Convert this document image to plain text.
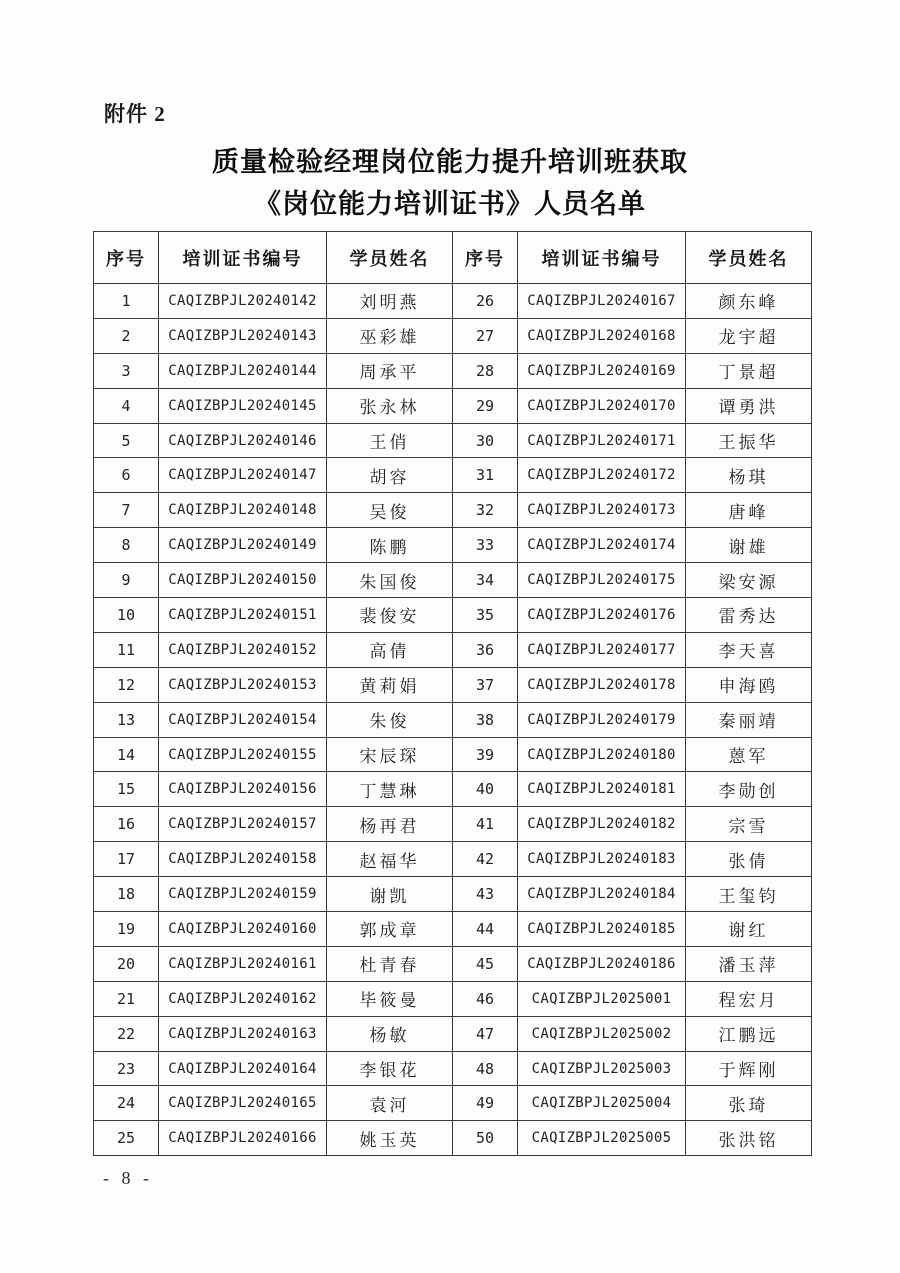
附件 2
质量检验经理岗位能力提升培训班获取
《岗位能力培训证书》人员名单
序号	培训证书编号	学员姓名	序号	培训证书编号	学员姓名
1	CAQIZBPJL20240142	刘明燕	26	CAQIZBPJL20240167	颜东峰
2	CAQIZBPJL20240143	巫彩雄	27	CAQIZBPJL20240168	龙宇超
3	CAQIZBPJL20240144	周承平	28	CAQIZBPJL20240169	丁景超
4	CAQIZBPJL20240145	张永林	29	CAQIZBPJL20240170	谭勇洪
5	CAQIZBPJL20240146	王俏	30	CAQIZBPJL20240171	王振华
6	CAQIZBPJL20240147	胡容	31	CAQIZBPJL20240172	杨琪
7	CAQIZBPJL20240148	吴俊	32	CAQIZBPJL20240173	唐峰
8	CAQIZBPJL20240149	陈鹏	33	CAQIZBPJL20240174	谢雄
9	CAQIZBPJL20240150	朱国俊	34	CAQIZBPJL20240175	梁安源
10	CAQIZBPJL20240151	裴俊安	35	CAQIZBPJL20240176	雷秀达
11	CAQIZBPJL20240152	高倩	36	CAQIZBPJL20240177	李天喜
12	CAQIZBPJL20240153	黄莉娟	37	CAQIZBPJL20240178	申海鸥
13	CAQIZBPJL20240154	朱俊	38	CAQIZBPJL20240179	秦丽靖
14	CAQIZBPJL20240155	宋辰琛	39	CAQIZBPJL20240180	蒽军
15	CAQIZBPJL20240156	丁慧琳	40	CAQIZBPJL20240181	李勋创
16	CAQIZBPJL20240157	杨再君	41	CAQIZBPJL20240182	宗雪
17	CAQIZBPJL20240158	赵福华	42	CAQIZBPJL20240183	张倩
18	CAQIZBPJL20240159	谢凯	43	CAQIZBPJL20240184	王玺钧
19	CAQIZBPJL20240160	郭成章	44	CAQIZBPJL20240185	谢红
20	CAQIZBPJL20240161	杜青春	45	CAQIZBPJL20240186	潘玉萍
21	CAQIZBPJL20240162	毕筱曼	46	CAQIZBPJL2025001	程宏月
22	CAQIZBPJL20240163	杨敏	47	CAQIZBPJL2025002	江鹏远
23	CAQIZBPJL20240164	李银花	48	CAQIZBPJL2025003	于辉刚
24	CAQIZBPJL20240165	袁河	49	CAQIZBPJL2025004	张琦
25	CAQIZBPJL20240166	姚玉英	50	CAQIZBPJL2025005	张洪铭
- 8 -
